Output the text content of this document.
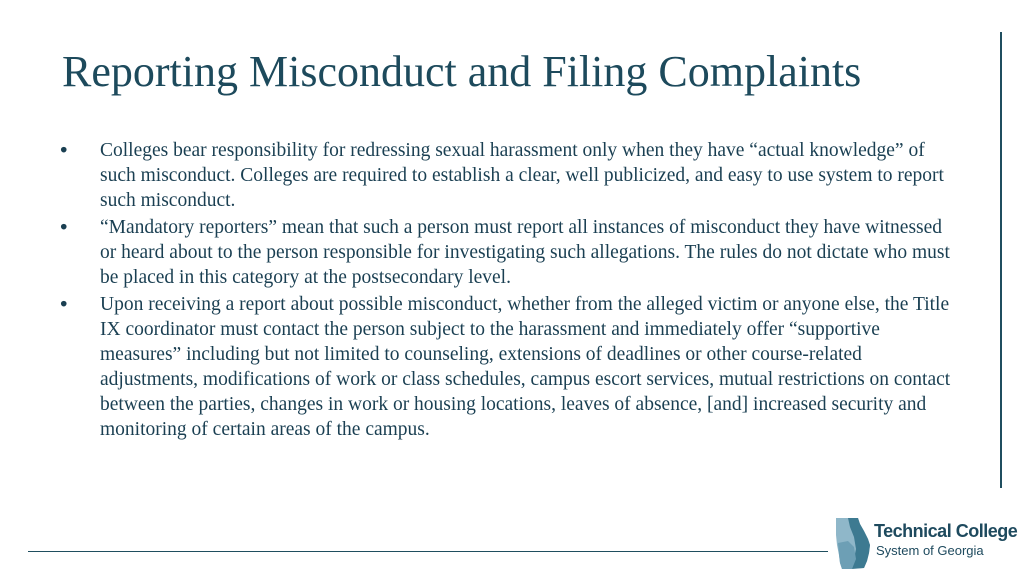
Reporting Misconduct and Filing Complaints
• Colleges bear responsibility for redressing sexual harassment only when they have “actual knowledge” of such misconduct. Colleges are required to establish a clear, well publicized, and easy to use system to report such misconduct.
• “Mandatory reporters” mean that such a person must report all instances of misconduct they have witnessed or heard about to the person responsible for investigating such allegations. The rules do not dictate who must be placed in this category at the postsecondary level.
• Upon receiving a report about possible misconduct, whether from the alleged victim or anyone else, the Title IX coordinator must contact the person subject to the harassment and immediately offer “supportive measures” including but not limited to counseling, extensions of deadlines or other course-related adjustments, modifications of work or class schedules, campus escort services, mutual restrictions on contact between the parties, changes in work or housing locations, leaves of absence, [and] increased security and monitoring of certain areas of the campus.
Technical College
System of Georgia
